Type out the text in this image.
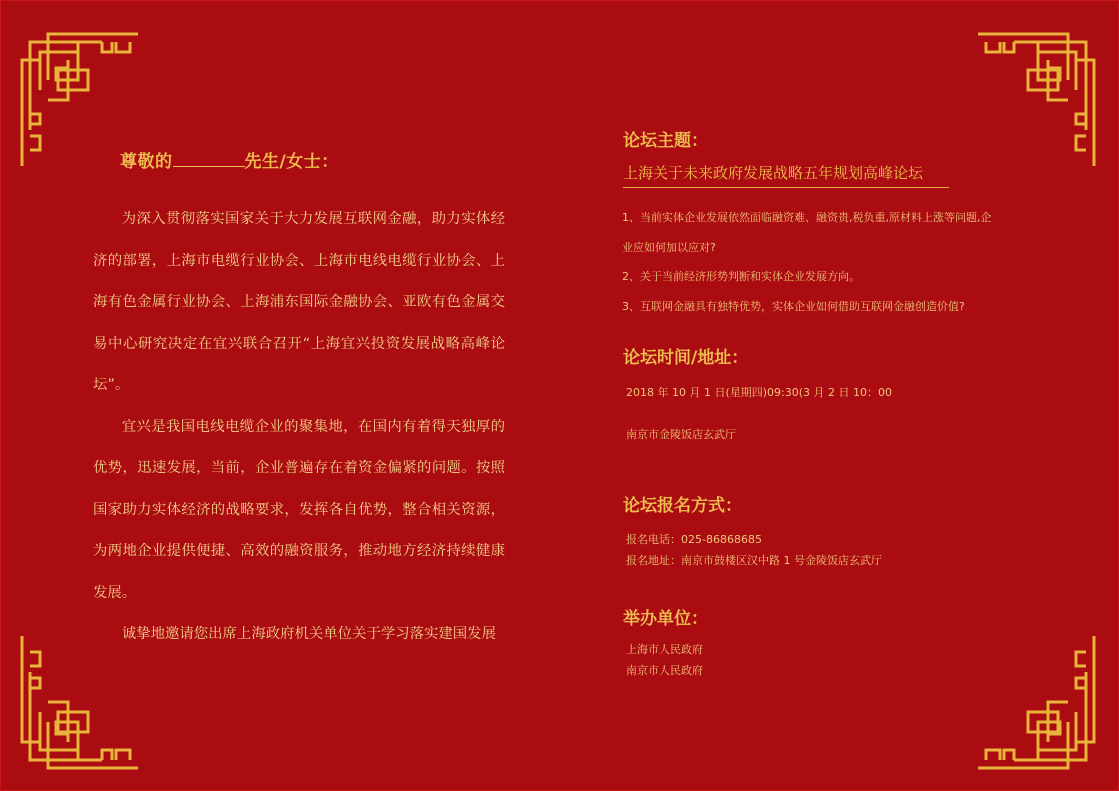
尊敬的	先生/女士：

为深入贯彻落实国家关于大力发展互联网金融，助力实体经济的部署，上海市电缆行业协会、上海市电线电缆行业协会、上海有色金属行业协会、上海浦东国际金融协会、亚欧有色金属交易中心研究决定在宜兴联合召开“上海宜兴投资发展战略高峰论坛”。

宜兴是我国电线电缆企业的聚集地，在国内有着得天独厚的优势，迅速发展，当前，企业普遍存在着资金偏紧的问题。按照国家助力实体经济的战略要求，发挥各自优势，整合相关资源，为两地企业提供便捷、高效的融资服务，推动地方经济持续健康发展。

诚挚地邀请您出席上海政府机关单位关于学习落实建国发展

论坛主题：
上海关于未来政府发展战略五年规划高峰论坛
1、当前实体企业发展依然面临融资难、融资贵,税负重,原材料上涨等问题,企
业应如何加以应对?
2、关于当前经济形势判断和实体企业发展方向。
3、互联网金融具有独特优势，实体企业如何借助互联网金融创造价值?
论坛时间/地址：
2018 年 10 月 1 日(星期四)09:30(3 月 2 日 10：00
南京市金陵饭店玄武厅
论坛报名方式：
报名电话：025-86868685
报名地址：南京市鼓楼区汉中路 1 号金陵饭店玄武厅
举办单位：
上海市人民政府
南京市人民政府
